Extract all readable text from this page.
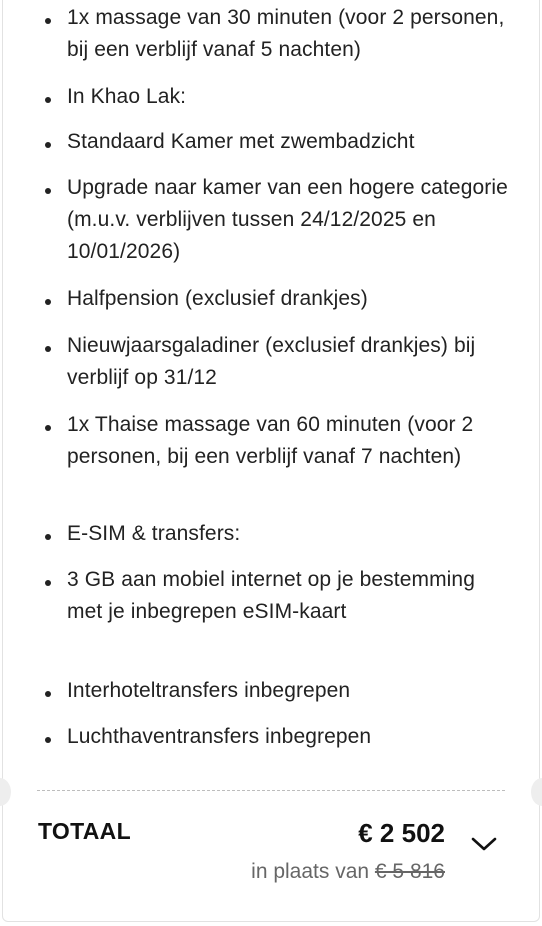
1x massage van 30 minuten (voor 2 personen, bij een verblijf vanaf 5 nachten)
In Khao Lak:
Standaard Kamer met zwembadzicht
Upgrade naar kamer van een hogere categorie (m.u.v. verblijven tussen 24/12/2025 en 10/01/2026)
Halfpension (exclusief drankjes)
Nieuwjaarsgaladiner (exclusief drankjes) bij verblijf op 31/12
1x Thaise massage van 60 minuten (voor 2 personen, bij een verblijf vanaf 7 nachten)
E-SIM & transfers:
3 GB aan mobiel internet op je bestemming met je inbegrepen eSIM-kaart
Interhoteltransfers inbegrepen
Luchthaventransfers inbegrepen
TOTAAL	€ 2 502
in plaats van € 5 816
